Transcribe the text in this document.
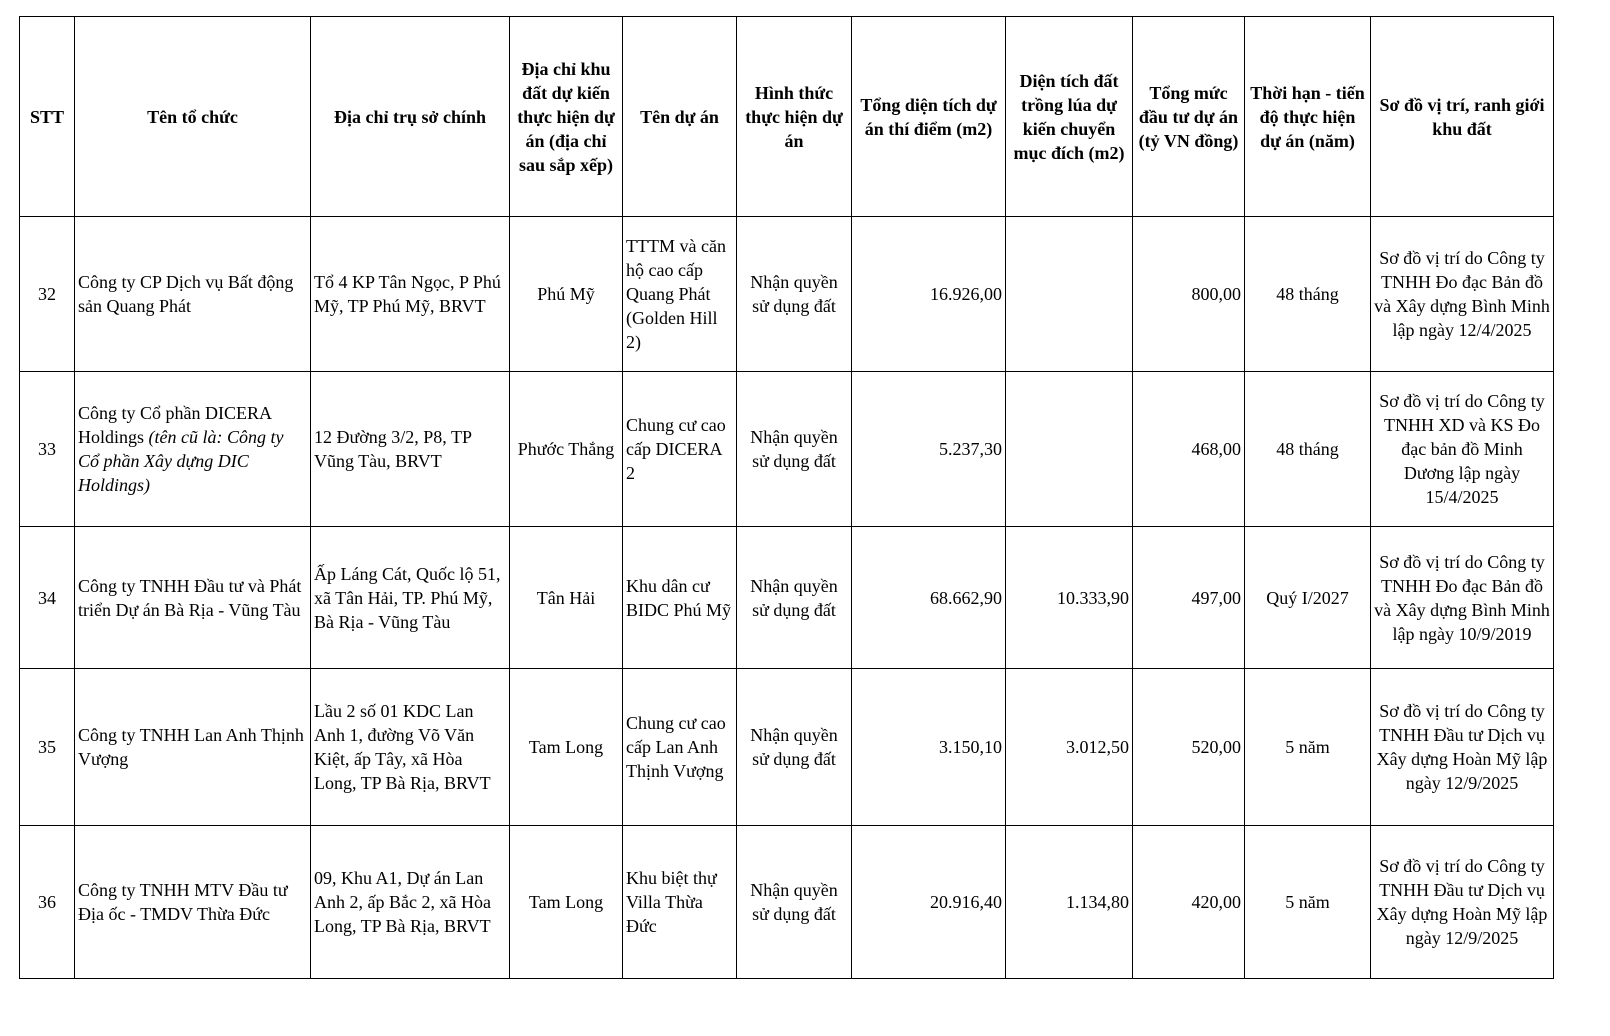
STT	Tên tổ chức	Địa chỉ trụ sở chính	Địa chỉ khu đất dự kiến thực hiện dự án (địa chỉ sau sắp xếp)	Tên dự án	Hình thức thực hiện dự án	Tổng diện tích dự án thí điểm (m2)	Diện tích đất trồng lúa dự kiến chuyển mục đích (m2)	Tổng mức đầu tư dự án (tỷ VN đồng)	Thời hạn - tiến độ thực hiện dự án (năm)	Sơ đồ vị trí, ranh giới khu đất
32	Công ty CP Dịch vụ Bất động sản Quang Phát	Tổ 4 KP Tân Ngọc, P Phú Mỹ, TP Phú Mỹ, BRVT	Phú Mỹ	TTTM và căn hộ cao cấp Quang Phát (Golden Hill 2)	Nhận quyền sử dụng đất	16.926,00		800,00	48 tháng	Sơ đồ vị trí do Công ty TNHH Đo đạc Bản đồ và Xây dựng Bình Minh lập ngày 12/4/2025
33	Công ty Cổ phần DICERA Holdings (tên cũ là: Công ty Cổ phần Xây dựng DIC Holdings)	12 Đường 3/2, P8, TP Vũng Tàu, BRVT	Phước Thắng	Chung cư cao cấp DICERA 2	Nhận quyền sử dụng đất	5.237,30		468,00	48 tháng	Sơ đồ vị trí do Công ty TNHH XD và KS Đo đạc bản đồ Minh Dương lập ngày 15/4/2025
34	Công ty TNHH Đầu tư và Phát triển Dự án Bà Rịa - Vũng Tàu	Ấp Láng Cát, Quốc lộ 51, xã Tân Hải, TP. Phú Mỹ, Bà Rịa - Vũng Tàu	Tân Hải	Khu dân cư BIDC Phú Mỹ	Nhận quyền sử dụng đất	68.662,90	10.333,90	497,00	Quý I/2027	Sơ đồ vị trí do Công ty TNHH Đo đạc Bản đồ và Xây dựng Bình Minh lập ngày 10/9/2019
35	Công ty TNHH Lan Anh Thịnh Vượng	Lầu 2 số 01 KDC Lan Anh 1, đường Võ Văn Kiệt, ấp Tây, xã Hòa Long, TP Bà Rịa, BRVT	Tam Long	Chung cư cao cấp Lan Anh Thịnh Vượng	Nhận quyền sử dụng đất	3.150,10	3.012,50	520,00	5 năm	Sơ đồ vị trí do Công ty TNHH Đầu tư Dịch vụ Xây dựng Hoàn Mỹ lập ngày 12/9/2025
36	Công ty TNHH MTV Đầu tư Địa ốc - TMDV Thừa Đức	09, Khu A1, Dự án Lan Anh 2, ấp Bắc 2, xã Hòa Long, TP Bà Rịa, BRVT	Tam Long	Khu biệt thự Villa Thừa Đức	Nhận quyền sử dụng đất	20.916,40	1.134,80	420,00	5 năm	Sơ đồ vị trí do Công ty TNHH Đầu tư Dịch vụ Xây dựng Hoàn Mỹ lập ngày 12/9/2025
